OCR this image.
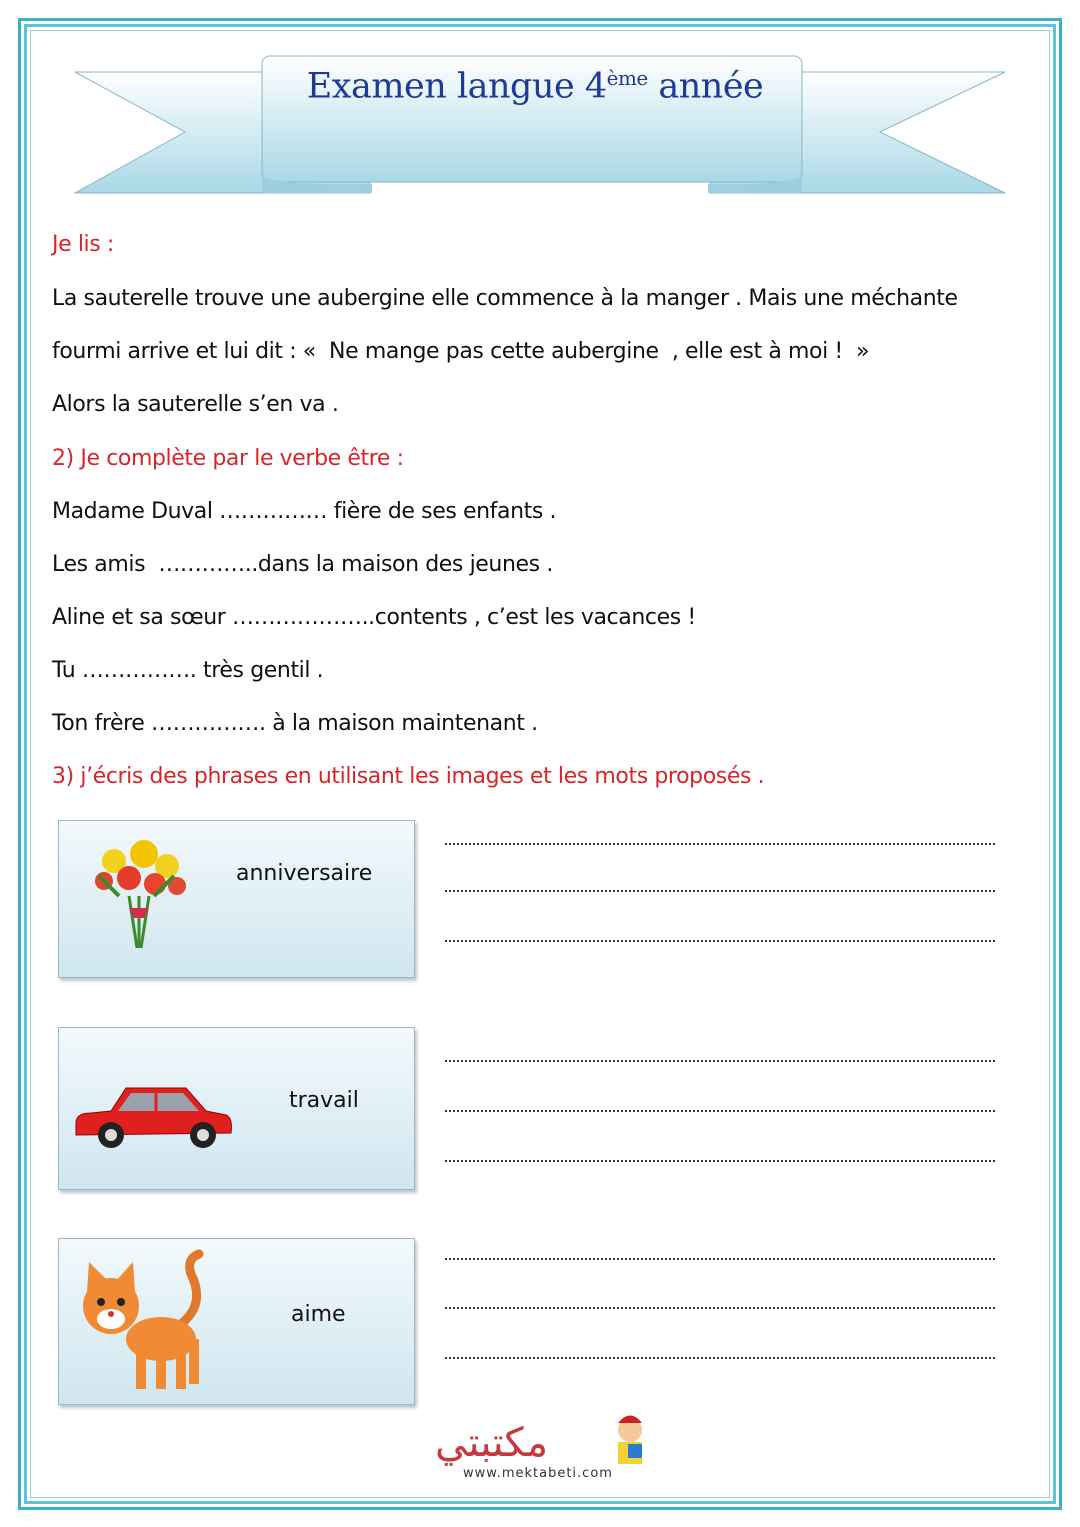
Examen langue 4ème année
Je lis :
La sauterelle trouve une aubergine elle commence à la manger . Mais une méchante
fourmi arrive et lui dit : «  Ne mange pas cette aubergine  , elle est à moi !  »
Alors la sauterelle s’en va .
2) Je complète par le verbe être :
Madame Duval …………… fière de ses enfants .
Les amis  …………..dans la maison des jeunes .
Aline et sa sœur ………………..contents , c’est les vacances !
Tu ……………. très gentil .
Ton frère ……………. à la maison maintenant .
3) j’écris des phrases en utilisant les images et les mots proposés .
anniversaire
travail
aime
مكتبتي
www.mektabeti.com
